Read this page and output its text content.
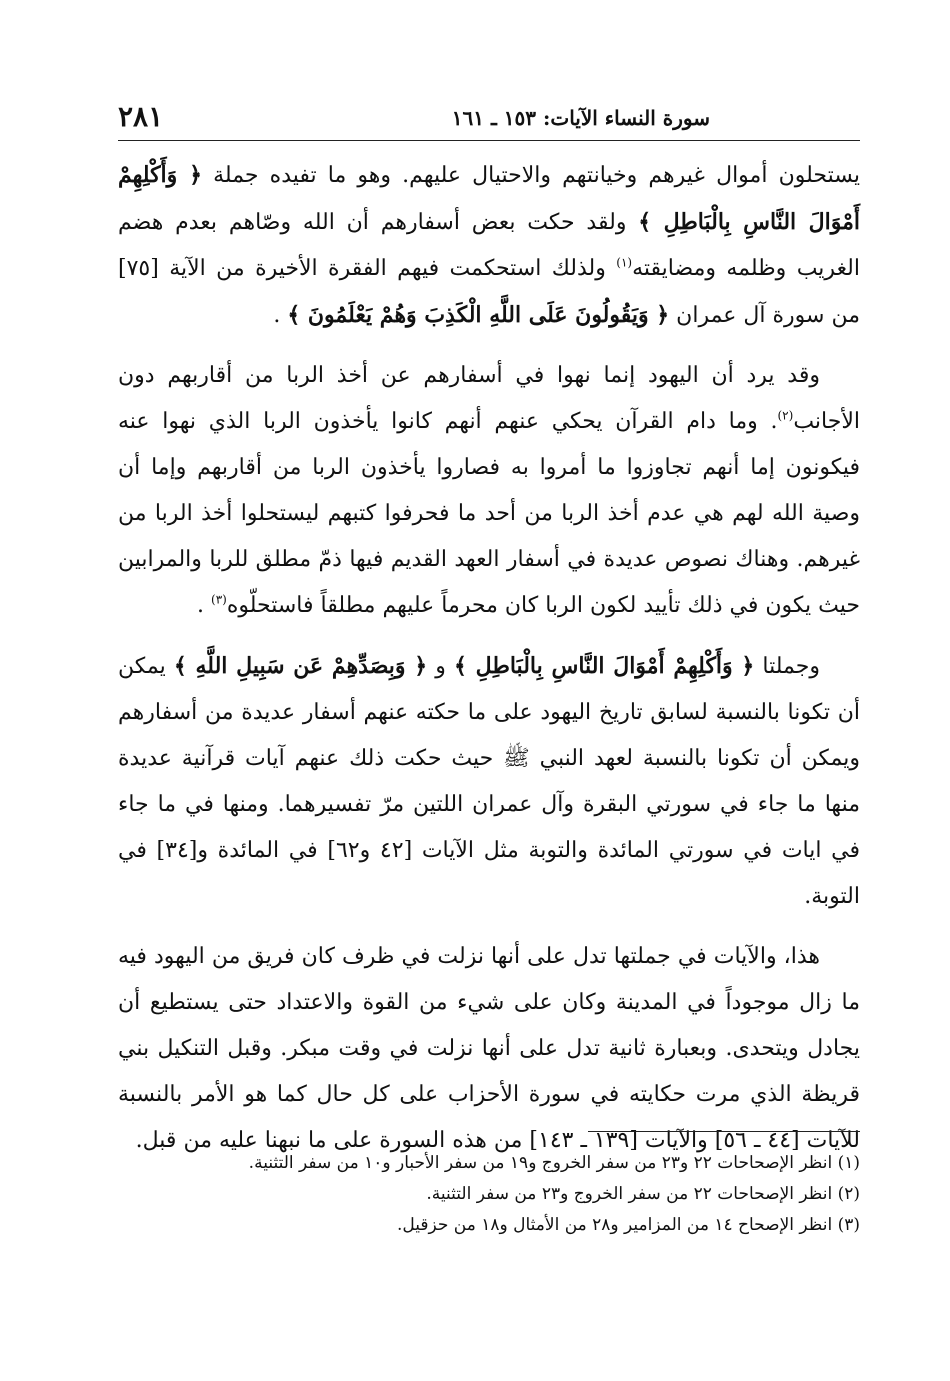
سورة النساء الآيات: ١٥٣ ـ ١٦١
٢٨١

يستحلون أموال غيرهم وخيانتهم والاحتيال عليهم. وهو ما تفيده جملة ﴿ وَأَكْلِهِمْ أَمْوَالَ النَّاسِ بِالْبَاطِلِ ﴾ ولقد حكت بعض أسفارهم أن الله وصّاهم بعدم هضم الغريب وظلمه ومضايقته$^{(١)}$ ولذلك استحكمت فيهم الفقرة الأخيرة من الآية [٧٥] من سورة آل عمران ﴿ وَيَقُولُونَ عَلَى اللَّهِ الْكَذِبَ وَهُمْ يَعْلَمُونَ ﴾ .

وقد يرد أن اليهود إنما نهوا في أسفارهم عن أخذ الربا من أقاربهم دون الأجانب$^{(٢)}$. وما دام القرآن يحكي عنهم أنهم كانوا يأخذون الربا الذي نهوا عنه فيكونون إما أنهم تجاوزوا ما أمروا به فصاروا يأخذون الربا من أقاربهم وإما أن وصية الله لهم هي عدم أخذ الربا من أحد ما فحرفوا كتبهم ليستحلوا أخذ الربا من غيرهم. وهناك نصوص عديدة في أسفار العهد القديم فيها ذمّ مطلق للربا والمرابين حيث يكون في ذلك تأييد لكون الربا كان محرماً عليهم مطلقاً فاستحلّوه$^{(٣)}$ .

وجملتا ﴿ وَأَكْلِهِمْ أَمْوَالَ النَّاسِ بِالْبَاطِلِ ﴾ و ﴿ وَبِصَدِّهِمْ عَن سَبِيلِ اللَّهِ ﴾ يمكن أن تكونا بالنسبة لسابق تاريخ اليهود على ما حكته عنهم أسفار عديدة من أسفارهم ويمكن أن تكونا بالنسبة لعهد النبي ﷺ حيث حكت ذلك عنهم آيات قرآنية عديدة منها ما جاء في سورتي البقرة وآل عمران اللتين مرّ تفسيرهما. ومنها في ما جاء في ايات في سورتي المائدة والتوبة مثل الآيات [٤٢ و٦٢] في المائدة و[٣٤] في التوبة.

هذا، والآيات في جملتها تدل على أنها نزلت في ظرف كان فريق من اليهود فيه ما زال موجوداً في المدينة وكان على شيء من القوة والاعتداد حتى يستطيع أن يجادل ويتحدى. وبعبارة ثانية تدل على أنها نزلت في وقت مبكر. وقبل التنكيل بني قريظة الذي مرت حكايته في سورة الأحزاب على كل حال كما هو الأمر بالنسبة للآيات [٤٤ ـ ٥٦] والآيات [١٣٩ ـ ١٤٣] من هذه السورة على ما نبهنا عليه من قبل.

(١) انظر الإصحاحات ٢٢ و٢٣ من سفر الخروج و١٩ من سفر الأحبار و١٠ من سفر التثنية.

(٢) انظر الإصحاحات ٢٢ من سفر الخروج و٢٣ من سفر التثنية.

(٣) انظر الإصحاح ١٤ من المزامير و٢٨ من الأمثال و١٨ من حزقيل.
